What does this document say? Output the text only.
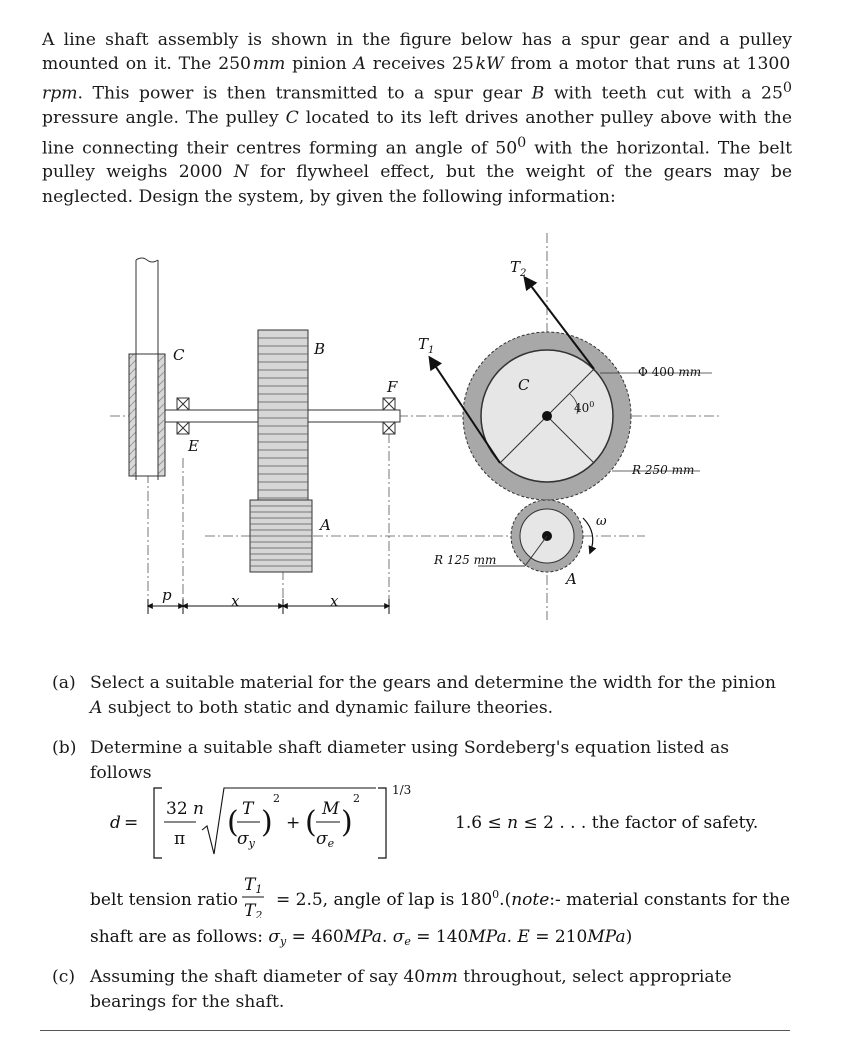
A line shaft assembly is shown in the figure below has a spur gear and a pulley mounted on it. The 250 mm pinion A receives 25 kW from a motor that runs at 1300 rpm. This power is then transmitted to a spur gear B with teeth cut with a $25^0$ pressure angle. The pulley C located to its left drives another pulley above with the line connecting their centres forming an angle of $50^0$ with the horizontal. The belt pulley weighs 2000 N for flywheel effect, but the weight of the gears may be neglected. Design the system, by given the following information:

C	B
F
E
A
$T_1$
$T_2$
C
A
ω
p	x	x
$40^0$
Φ 400 mm
R 250 mm
R 125 mm
(a) Select a suitable material for the gears and determine the width for the pinion A subject to both static and dynamic failure theories.
(b) Determine a suitable shaft diameter using Sordeberg's equation listed as follows
d =
1/3
32 n
π ( T
σy
)
2
+ ( M
σe
)
2
1.6 ≤ n ≤ 2 . . . the factor of safety.
belt tension ratio
T1
T2
= 2.5, angle of lap is $180^0.(note:-$ material constants for the
shaft are as follows: σy = 460MPa. σe = 140MPa. E = 210MPa)
(c) Assuming the shaft diameter of say 40mm throughout, select appropriate bearings for the shaft.
